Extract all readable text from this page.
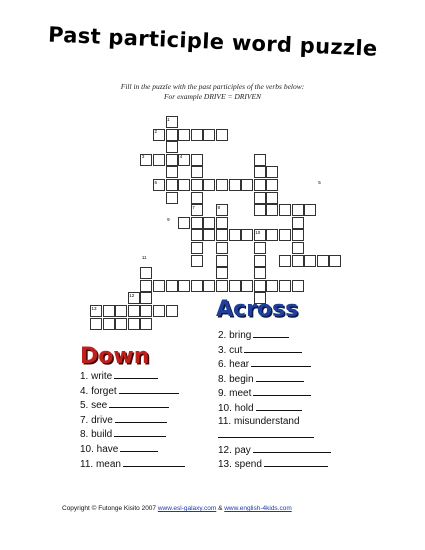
Past participle word puzzle
Fill in the puzzle with the past participles of the verbs below:
For example DRIVE = DRIVEN
1
2
3	4
5
6
7	8
9
10
11
12
13	Across
2. bring
3. cut
6. hear
8. begin
9. meet
10. hold
11. misunderstand
12. pay
13. spend
Down
1. write
4. forget
5. see
7. drive
8. build
10. have
11. mean
Copyright © Futonge Kisito 2007 www.esl-galaxy.com & www.english-4kids.com
